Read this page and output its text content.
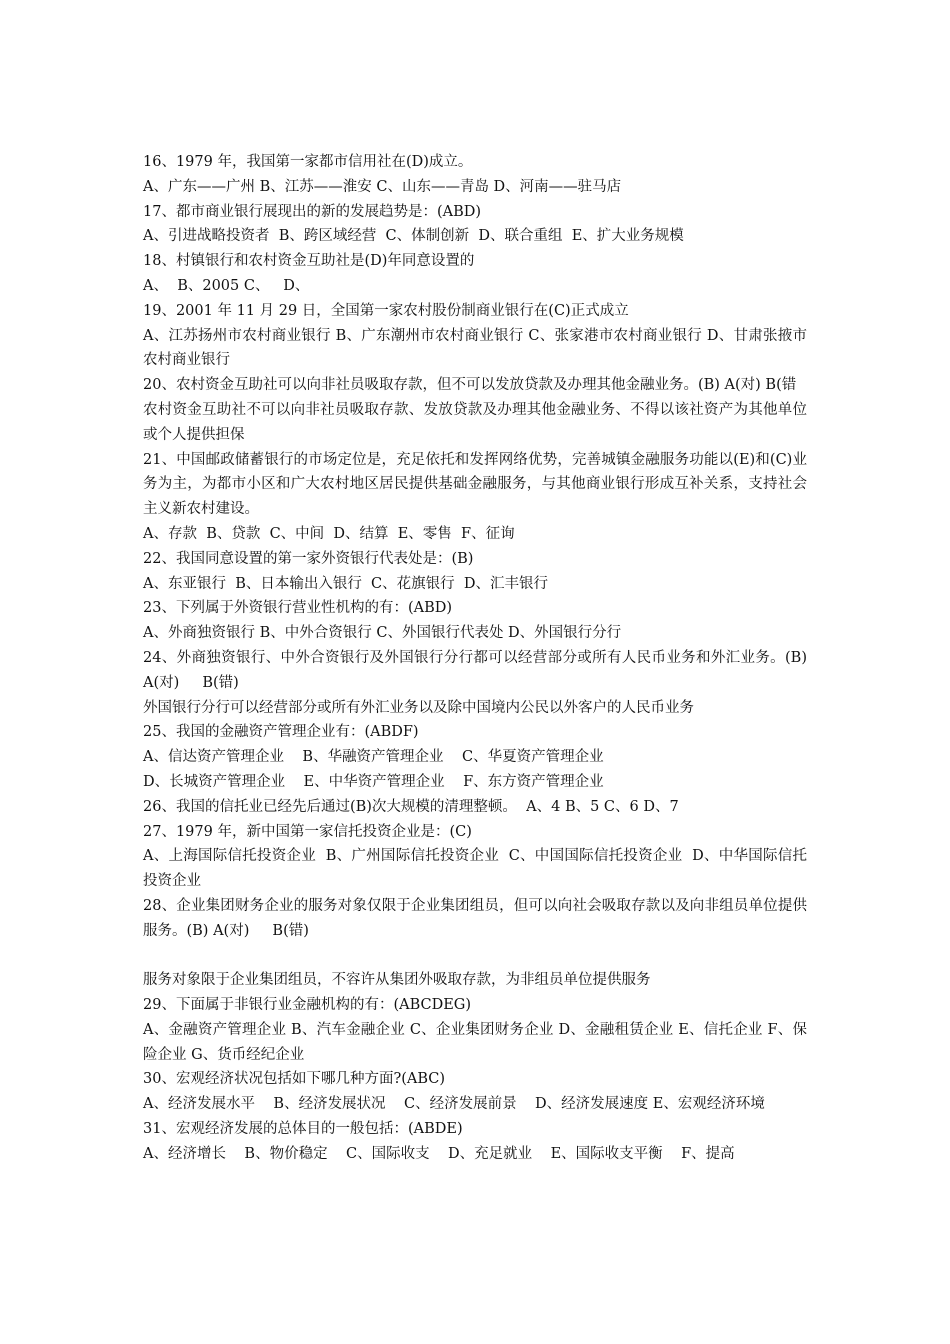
16、1979 年，我国第一家都市信用社在(D)成立。
A、广东——广州 B、江苏——淮安 C、山东——青岛 D、河南——驻马店
17、都市商业银行展现出的新的发展趋势是：(ABD)
A、引进战略投资者  B、跨区域经营  C、体制创新  D、联合重组  E、扩大业务规模
18、村镇银行和农村资金互助社是(D)年同意设置的
A、  B、2005 C、   D、
19、2001 年 11 月 29 日，全国第一家农村股份制商业银行在(C)正式成立
A、江苏扬州市农村商业银行 B、广东潮州市农村商业银行 C、张家港市农村商业银行 D、甘肃张掖市农村商业银行
20、农村资金互助社可以向非社员吸取存款，但不可以发放贷款及办理其他金融业务。(B) A(对) B(错
农村资金互助社不可以向非社员吸取存款、发放贷款及办理其他金融业务、不得以该社资产为其他单位或个人提供担保
21、中国邮政储蓄银行的市场定位是，充足依托和发挥网络优势，完善城镇金融服务功能以(E)和(C)业务为主，为都市小区和广大农村地区居民提供基础金融服务，与其他商业银行形成互补关系，支持社会主义新农村建设。
A、存款  B、贷款  C、中间  D、结算  E、零售  F、征询
22、我国同意设置的第一家外资银行代表处是：(B)
A、东亚银行  B、日本输出入银行  C、花旗银行  D、汇丰银行
23、下列属于外资银行营业性机构的有：(ABD)
A、外商独资银行 B、中外合资银行 C、外国银行代表处 D、外国银行分行
24、外商独资银行、中外合资银行及外国银行分行都可以经营部分或所有人民币业务和外汇业务。(B) A(对)     B(错)
外国银行分行可以经营部分或所有外汇业务以及除中国境内公民以外客户的人民币业务
25、我国的金融资产管理企业有：(ABDF)
A、信达资产管理企业    B、华融资产管理企业    C、华夏资产管理企业
D、长城资产管理企业    E、中华资产管理企业    F、东方资产管理企业
26、我国的信托业已经先后通过(B)次大规模的清理整顿。  A、4 B、5 C、6 D、7
27、1979 年，新中国第一家信托投资企业是：(C)
A、上海国际信托投资企业  B、广州国际信托投资企业  C、中国国际信托投资企业  D、中华国际信托投资企业
28、企业集团财务企业的服务对象仅限于企业集团组员，但可以向社会吸取存款以及向非组员单位提供服务。(B) A(对)     B(错)
服务对象限于企业集团组员，不容许从集团外吸取存款，为非组员单位提供服务
29、下面属于非银行业金融机构的有：(ABCDEG)
A、金融资产管理企业 B、汽车金融企业 C、企业集团财务企业 D、金融租赁企业 E、信托企业 F、保险企业 G、货币经纪企业
30、宏观经济状况包括如下哪几种方面?(ABC)
A、经济发展水平    B、经济发展状况    C、经济发展前景    D、经济发展速度 E、宏观经济环境
31、宏观经济发展的总体目的一般包括：(ABDE)
A、经济增长    B、物价稳定    C、国际收支    D、充足就业    E、国际收支平衡    F、提高
